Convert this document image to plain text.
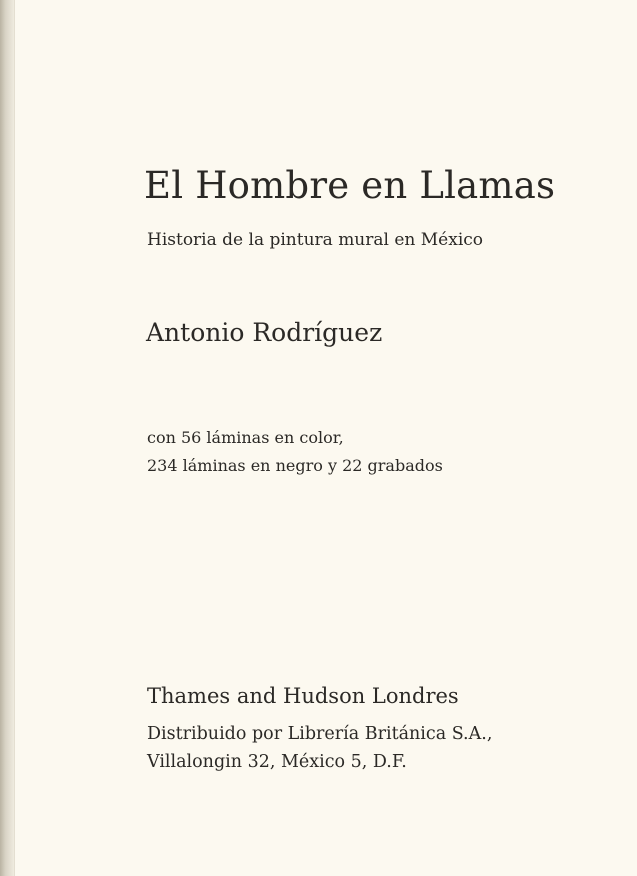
El Hombre en Llamas

Historia de la pintura mural en México

Antonio Rodríguez

con 56 láminas en color,
234 láminas en negro y 22 grabados

Thames and Hudson Londres

Distribuido por Librería Británica S.A.,
Villalongin 32, México 5, D.F.
